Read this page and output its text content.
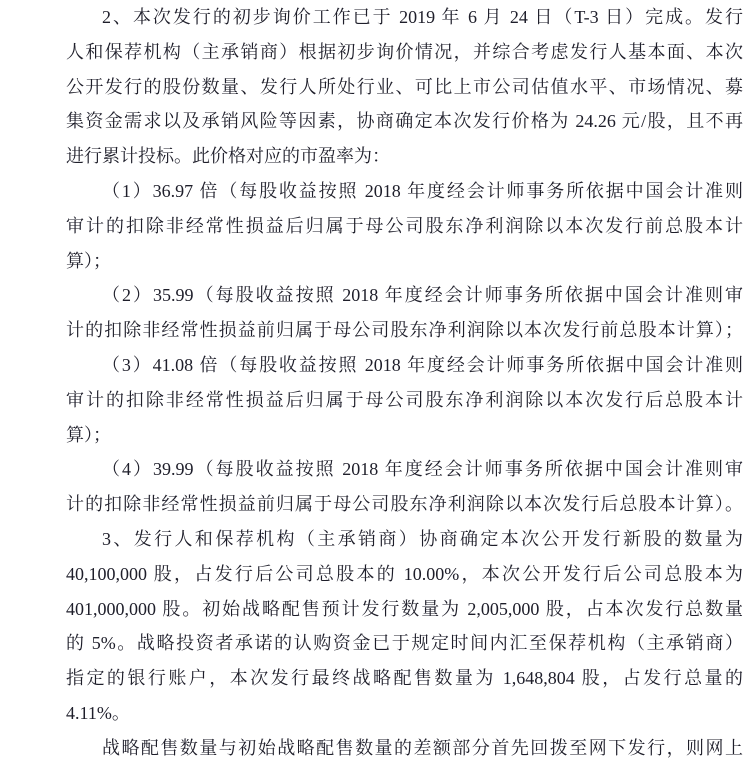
2、本次发行的初步询价工作已于 2019 年 6 月 24 日（T-3 日）完成。发行
人和保荐机构（主承销商）根据初步询价情况，并综合考虑发行人基本面、本次
公开发行的股份数量、发行人所处行业、可比上市公司估值水平、市场情况、募
集资金需求以及承销风险等因素，协商确定本次发行价格为 24.26 元/股，且不再
进行累计投标。此价格对应的市盈率为：
（1）36.97 倍（每股收益按照 2018 年度经会计师事务所依据中国会计准则
审计的扣除非经常性损益后归属于母公司股东净利润除以本次发行前总股本计
算）；
（2）35.99（每股收益按照 2018 年度经会计师事务所依据中国会计准则审
计的扣除非经常性损益前归属于母公司股东净利润除以本次发行前总股本计算）；
（3）41.08 倍（每股收益按照 2018 年度经会计师事务所依据中国会计准则
审计的扣除非经常性损益后归属于母公司股东净利润除以本次发行后总股本计
算）；
（4）39.99（每股收益按照 2018 年度经会计师事务所依据中国会计准则审
计的扣除非经常性损益前归属于母公司股东净利润除以本次发行后总股本计算）。
3、发行人和保荐机构（主承销商）协商确定本次公开发行新股的数量为
40,100,000 股，占发行后公司总股本的 10.00%，本次公开发行后公司总股本为
401,000,000 股。初始战略配售预计发行数量为 2,005,000 股，占本次发行总数量
的 5%。战略投资者承诺的认购资金已于规定时间内汇至保荐机构（主承销商）
指定的银行账户，本次发行最终战略配售数量为 1,648,804 股，占发行总量的
4.11%。
战略配售数量与初始战略配售数量的差额部分首先回拨至网下发行，则网上
